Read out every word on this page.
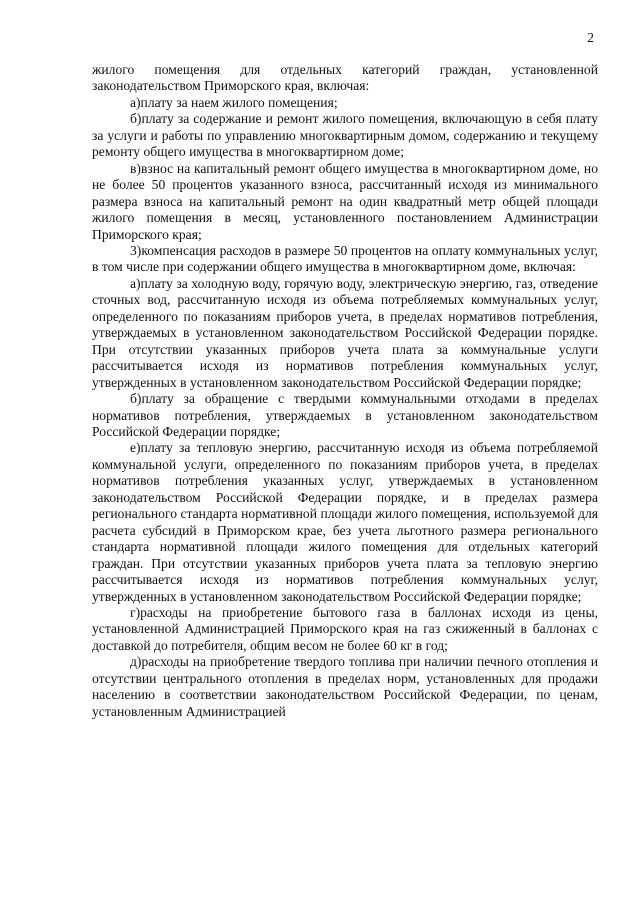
2

жилого помещения для отдельных категорий граждан, установленной законодательством Приморского края, включая:

а)плату за наем жилого помещения;

б)плату за содержание и ремонт жилого помещения, включающую в себя плату за услуги и работы по управлению многоквартирным домом, содержанию и текущему ремонту общего имущества в многоквартирном доме;

в)взнос на капитальный ремонт общего имущества в многоквартирном доме, но не более 50 процентов указанного взноса, рассчитанный исходя из минимального размера взноса на капитальный ремонт на один квадратный метр общей площади жилого помещения в месяц, установленного постановлением Администрации Приморского края;

3)компенсация расходов в размере 50 процентов на оплату коммунальных услуг, в том числе при содержании общего имущества в многоквартирном доме, включая:

а)плату за холодную воду, горячую воду, электрическую энергию, газ, отведение сточных вод, рассчитанную исходя из объема потребляемых коммунальных услуг, определенного по показаниям приборов учета, в пределах нормативов потребления, утверждаемых в установленном законодательством Российской Федерации порядке. При отсутствии указанных приборов учета плата за коммунальные услуги рассчитывается исходя из нормативов потребления коммунальных услуг, утвержденных в установленном законодательством Российской Федерации порядке;

б)плату за обращение с твердыми коммунальными отходами в пределах нормативов потребления, утверждаемых в установленном законодательством Российской Федерации порядке;

е)плату за тепловую энергию, рассчитанную исходя из объема потребляемой коммунальной услуги, определенного по показаниям приборов учета, в пределах нормативов потребления указанных услуг, утверждаемых в установленном законодательством Российской Федерации порядке, и в пределах размера регионального стандарта нормативной площади жилого помещения, используемой для расчета субсидий в Приморском крае, без учета льготного размера регионального стандарта нормативной площади жилого помещения для отдельных категорий граждан. При отсутствии указанных приборов учета плата за тепловую энергию рассчитывается исходя из нормативов потребления коммунальных услуг, утвержденных в установленном законодательством Российской Федерации порядке;

г)расходы на приобретение бытового газа в баллонах исходя из цены, установленной Администрацией Приморского края на газ сжиженный в баллонах с доставкой до потребителя, общим весом не более 60 кг в год;

д)расходы на приобретение твердого топлива при наличии печного отопления и отсутствии центрального отопления в пределах норм, установленных для продажи населению в соответствии законодательством Российской Федерации, по ценам, установленным Администрацией
